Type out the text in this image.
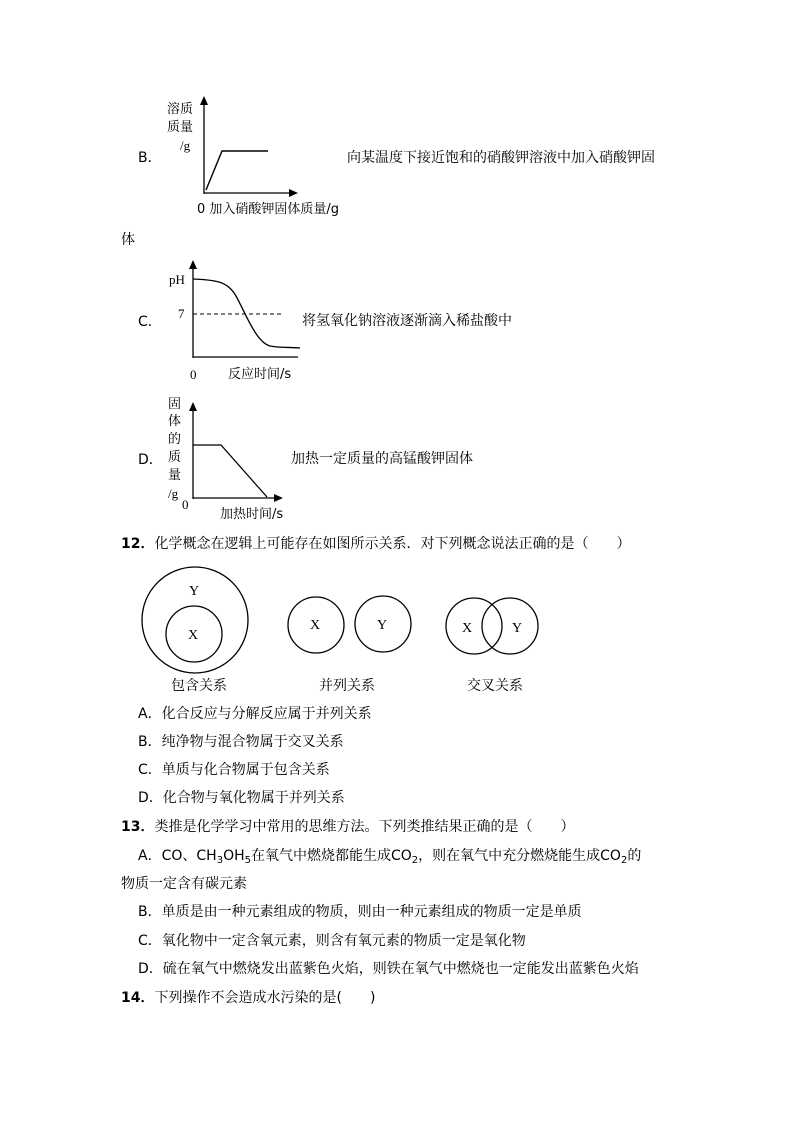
B．
溶质
质量
/g
0 加入硝酸钾固体质量/g
向某温度下接近饱和的硝酸钾溶液中加入硝酸钾固
体
C．
pH
7
0 反应时间/s
将氢氧化钠溶液逐渐滴入稀盐酸中
D．
固
体
的
质
量
/g
0
加热时间/s
加热一定质量的高锰酸钾固体
12．化学概念在逻辑上可能存在如图所示关系．对下列概念说法正确的是（　　）
Y
X
X	Y	X	Y
包含关系	并列关系	交叉关系
A．化合反应与分解反应属于并列关系
B．纯净物与混合物属于交叉关系
C．单质与化合物属于包含关系
D．化合物与氧化物属于并列关系
13．类推是化学学习中常用的思维方法。下列类推结果正确的是（　　）
A．CO、$CH_3OH_5$在氧气中燃烧都能生成$CO_2$，则在氧气中充分燃烧能生成$CO_2$的
物质一定含有碳元素
B．单质是由一种元素组成的物质，则由一种元素组成的物质一定是单质
C．氧化物中一定含氧元素，则含有氧元素的物质一定是氧化物
D．硫在氧气中燃烧发出蓝紫色火焰，则铁在氧气中燃烧也一定能发出蓝紫色火焰
14．下列操作不会造成水污染的是(　　)
